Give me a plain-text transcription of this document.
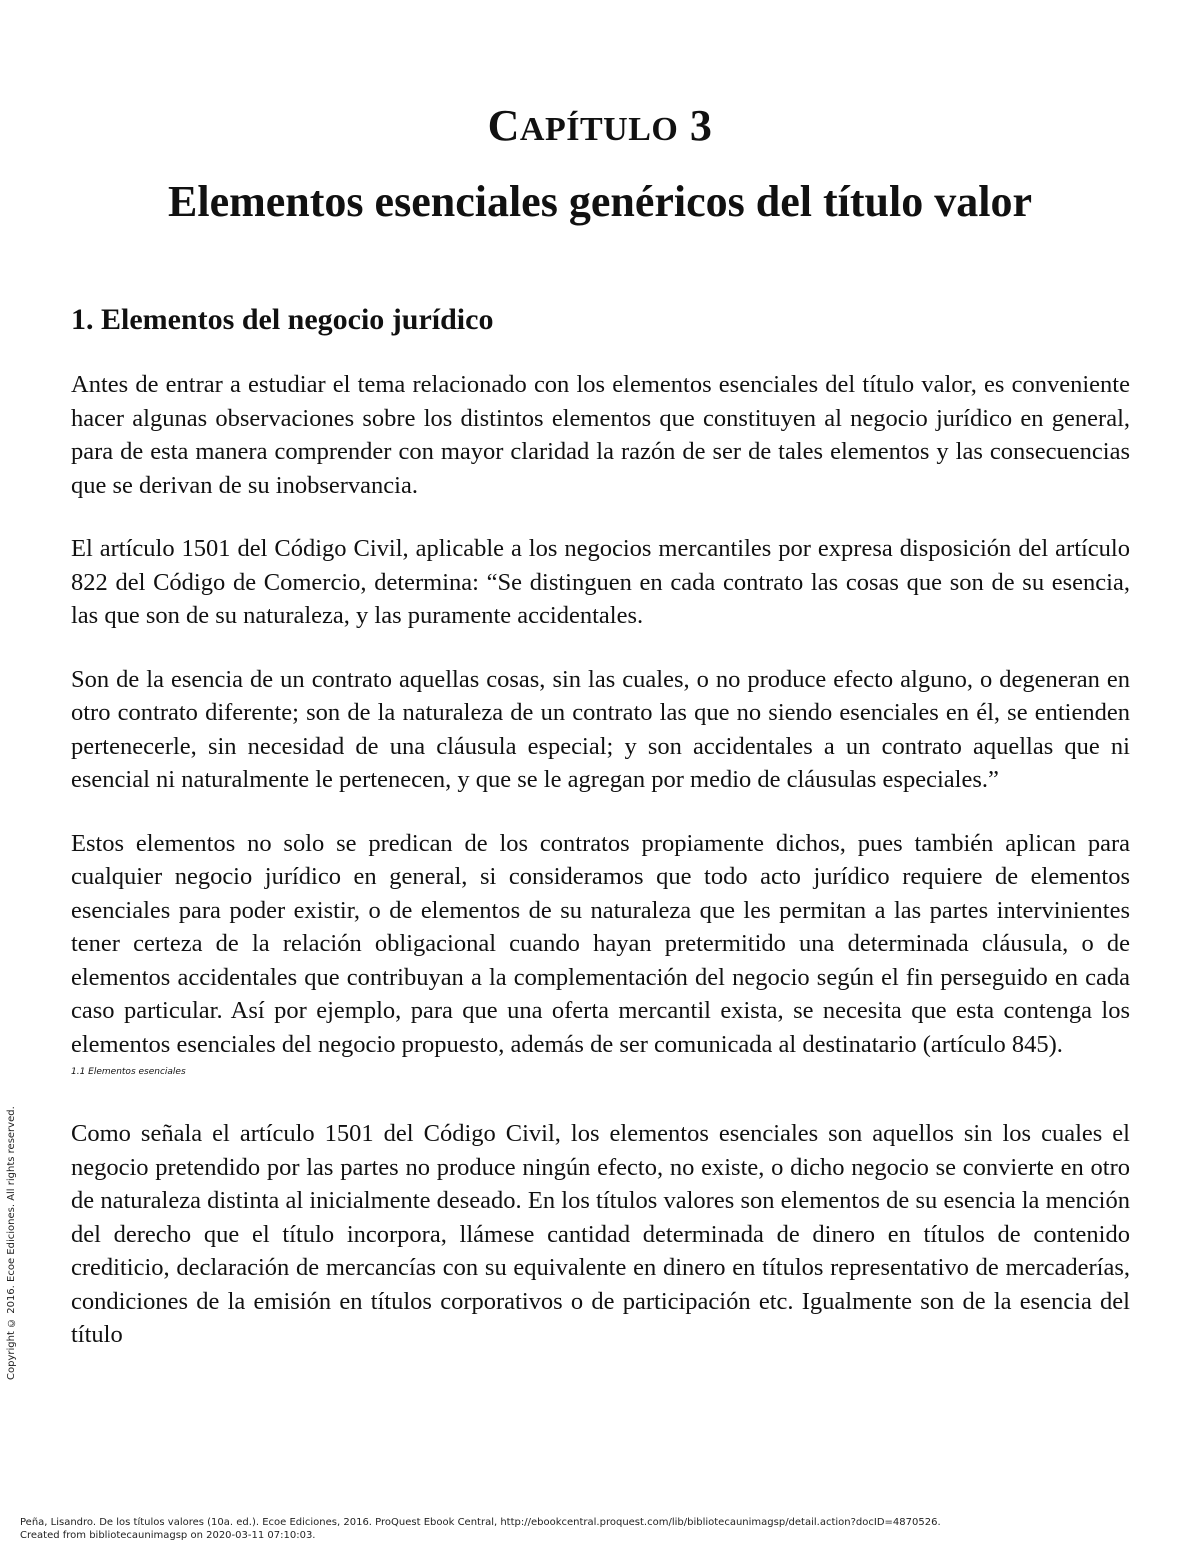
CAPÍTULO 3
Elementos esenciales genéricos del título valor
1. Elementos del negocio jurídico

Antes de entrar a estudiar el tema relacionado con los elementos esenciales del título valor, es conveniente hacer algunas observaciones sobre los distintos elementos que constituyen al negocio jurídico en general, para de esta manera comprender con mayor claridad la razón de ser de tales elementos y las consecuencias que se derivan de su inobservancia.

El artículo 1501 del Código Civil, aplicable a los negocios mercantiles por expresa disposición del artículo 822 del Código de Comercio, determina: “Se distinguen en cada contrato las cosas que son de su esencia, las que son de su naturaleza, y las puramente accidentales.

Son de la esencia de un contrato aquellas cosas, sin las cuales, o no produce efecto alguno, o degeneran en otro contrato diferente; son de la naturaleza de un contrato las que no siendo esenciales en él, se entienden pertenecerle, sin necesidad de una cláusula especial; y son accidentales a un contrato aquellas que ni esencial ni naturalmente le pertenecen, y que se le agregan por medio de cláusulas especiales.”

Estos elementos no solo se predican de los contratos propiamente dichos, pues también aplican para cualquier negocio jurídico en general, si consideramos que todo acto jurídico requiere de elementos esenciales para poder existir, o de elementos de su naturaleza que les permitan a las partes intervinientes tener certeza de la relación obligacional cuando hayan pretermitido una determinada cláusula, o de elementos accidentales que contribuyan a la complementación del negocio según el fin perseguido en cada caso particular. Así por ejemplo, para que una oferta mercantil exista, se necesita que esta contenga los elementos esenciales del negocio propuesto, además de ser comunicada al destinatario (artículo 845).

1.1 Elementos esenciales

Como señala el artículo 1501 del Código Civil, los elementos esenciales son aquellos sin los cuales el negocio pretendido por las partes no produce ningún efecto, no existe, o dicho negocio se convierte en otro de naturaleza distinta al inicialmente deseado. En los títulos valores son elementos de su esencia la mención del derecho que el título incorpora, llámese cantidad determinada de dinero en títulos de contenido crediticio, declaración de mercancías con su equivalente en dinero en títulos representativo de mercaderías, condiciones de la emisión en títulos corporativos o de participación etc. Igualmente son de la esencia del título

Copyright © 2016. Ecoe Ediciones. All rights reserved.
Peña, Lisandro. De los títulos valores (10a. ed.). Ecoe Ediciones, 2016. ProQuest Ebook Central, http://ebookcentral.proquest.com/lib/bibliotecaunimagsp/detail.action?docID=4870526.
Created from bibliotecaunimagsp on 2020-03-11 07:10:03.
